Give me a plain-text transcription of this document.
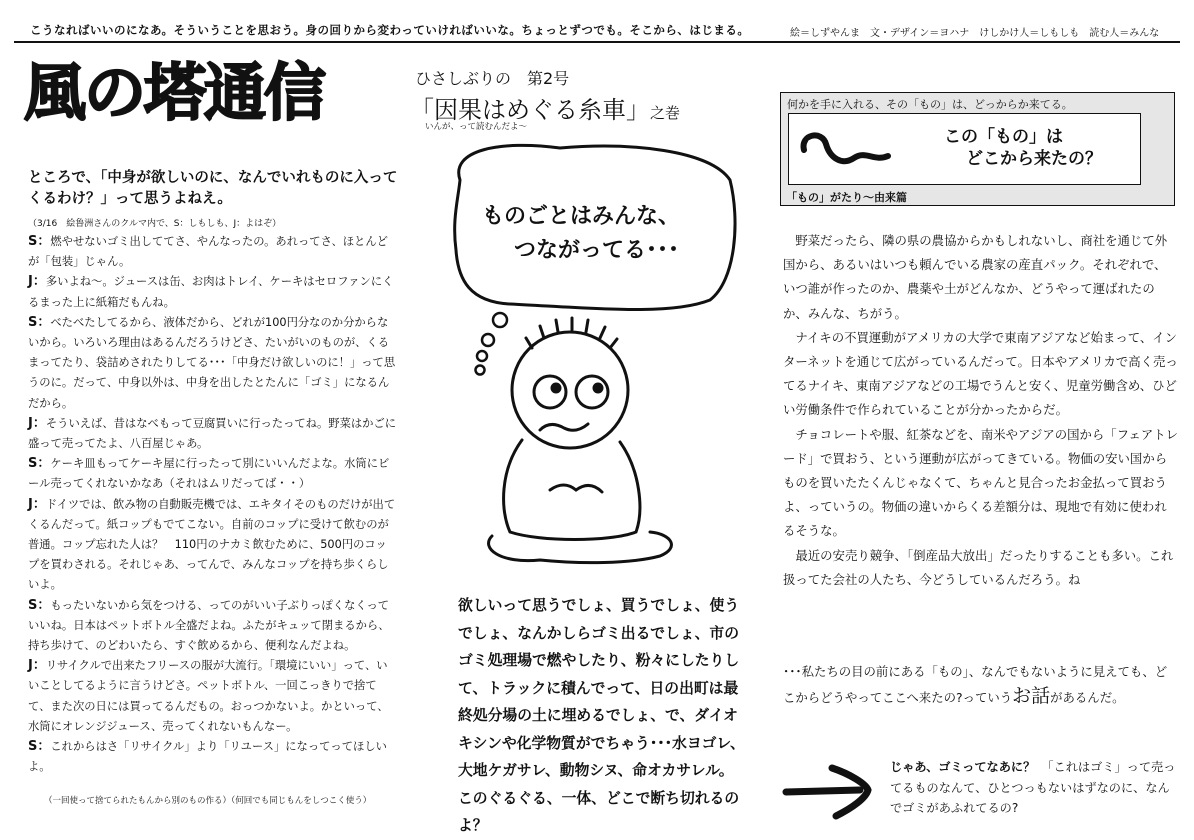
こうなればいいのになあ。そういうことを思おう。身の回りから変わっていければいいな。ちょっとずつでも。そこから、はじまる。	絵＝しずやんま　文・デザイン＝ヨハナ　けしかけ人＝しもしも　読む人＝みんな
風の塔通信	ひさしぶりの　第2号
「因果はめぐる糸車」之巻
いんが、って読むんだよ～
ところで、「中身が欲しいのに、なんでいれものに入ってくるわけ？」って思うよねえ。
（3/16　絵鲁洲さんのクルマ内で、S：しもしも、J：よはぞ）

S：燃やせないゴミ出しててさ、やんなったの。あれってさ、ほとんどが「包装」じゃん。

J：多いよね～。ジュースは缶、お肉はトレイ、ケーキはセロファンにくるまった上に紙箱だもんね。

S：べたべたしてるから、液体だから、どれが100円分なのか分からないから。いろいろ理由はあるんだろうけどさ、たいがいのものが、くるまってたり、袋詰めされたりしてる･･･「中身だけ欲しいのに！」って思うのに。だって、中身以外は、中身を出したとたんに「ゴミ」になるんだから。

J：そういえば、昔はなべもって豆腐買いに行ったってね。野菜はかごに盛って売ってたよ、八百屋じゃあ。

S：ケーキ皿もってケーキ屋に行ったって別にいいんだよな。水筒にビール売ってくれないかなあ（それはムリだってば・・）

J：ドイツでは、飲み物の自動販売機では、エキタイそのものだけが出てくるんだって。紙コップもでてこない。自前のコップに受けて飲むのが普通。コップ忘れた人は？　110円のナカミ飲むために、500円のコップを買わされる。それじゃあ、ってんで、みんなコップを持ち歩くらしいよ。

S：もったいないから気をつける、ってのがいい子ぶりっぽくなくっていいね。日本はペットボトル全盛だよね。ふたがキュッて閉まるから、持ち歩けて、のどわいたら、すぐ飲めるから、便利なんだよね。

J：リサイクルで出来たフリースの服が大流行。「環境にいい」って、いいことしてるように言うけどさ。ペットボトル、一回こっきりで捨てて、また次の日には買ってるんだもの。おっつかないよ。かといって、水筒にオレンジジュース、売ってくれないもんなー。

S：これからはさ「リサイクル」より「リユース」になってってほしいよ。

（一回使って捨てられたもんから別のもの作る）（何回でも同じもんをしつこく使う）
ものごとはみんな、
つながってる･･･
欲しいって思うでしょ、買うでしょ、使うでしょ、なんかしらゴミ出るでしょ、市のゴミ処理場で燃やしたり、粉々にしたりして、トラックに積んでって、日の出町は最終処分場の土に埋めるでしょ、で、ダイオキシンや化学物質がでちゃう･･･水ヨゴレ、大地ケガサレ、動物シヌ、命オカサレル。このぐるぐる、一体、どこで断ち切れるのよ？
何かを手に入れる、その「もの」は、どっからか来てる。
この「もの」は
どこから来たの？
「もの」がたり～由来篇

野菜だったら、隣の県の農協からかもしれないし、商社を通じて外国から、あるいはいつも頼んでいる農家の産直パック。それぞれで、いつ誰が作ったのか、農薬や土がどんなか、どうやって運ばれたのか、みんな、ちがう。

ナイキの不買運動がアメリカの大学で東南アジアなど始まって、インターネットを通じて広がっているんだって。日本やアメリカで高く売ってるナイキ、東南アジアなどの工場でうんと安く、児童労働含め、ひどい労働条件で作られていることが分かったからだ。

チョコレートや服、紅茶などを、南米やアジアの国から「フェアトレード」で買おう、という運動が広がってきている。物価の安い国からものを買いたたくんじゃなくて、ちゃんと見合ったお金払って買おうよ、っていうの。物価の違いからくる差額分は、現地で有効に使われるそうな。

最近の安売り競争、「倒産品大放出」だったりすることも多い。これ扱ってた会社の人たち、今どうしているんだろう。ね

･･･私たちの目の前にある「もの」、なんでもないように見えても、どこからどうやってここへ来たの?っていうお話があるんだ。
じゃあ、ゴミってなあに？　 「これはゴミ」って売ってるものなんて、ひとつっもないはずなのに、なんでゴミがあふれてるの?
